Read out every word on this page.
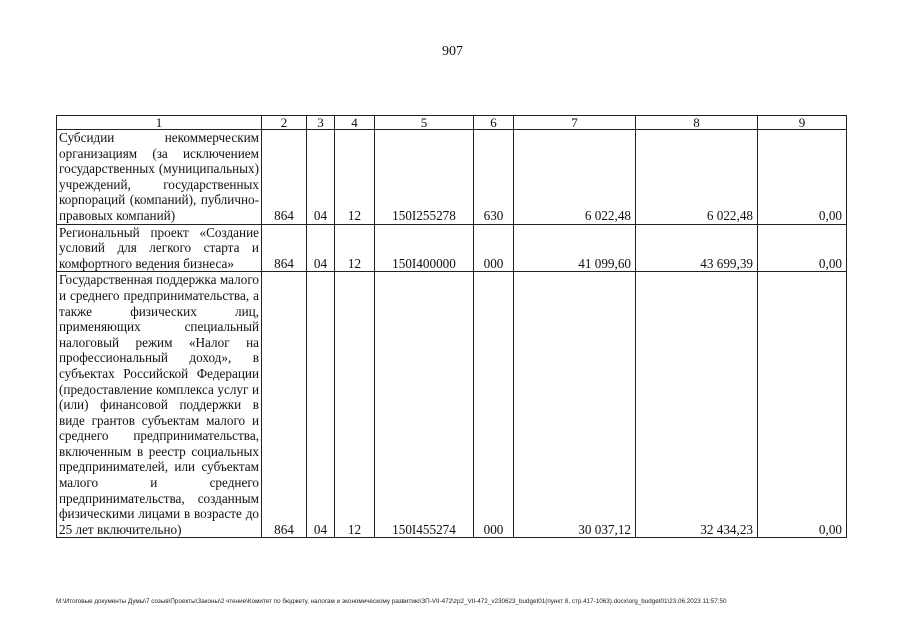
907
1	2	3	4	5	6	7	8	9
Субсидии некоммерческим организациям (за исключением государственных (муниципальных) учреждений, государственных корпораций (компаний), публично-правовых компаний)	864	04	12	150I255278	630	6 022,48	6 022,48	0,00
Региональный проект «Создание условий для легкого старта и комфортного ведения бизнеса»	864	04	12	150I400000	000	41 099,60	43 699,39	0,00
Государственная поддержка малого и среднего предпринимательства, а также физических лиц, применяющих специальный налоговый режим «Налог на профессиональный доход», в субъектах Российской Федерации (предоставление комплекса услуг и (или) финансовой поддержки в виде грантов субъектам малого и среднего предпринимательства, включенным в реестр социальных предпринимателей, или субъектам малого и среднего предпринимательства, созданным физическими лицами в возрасте до 25 лет включительно)	864	04	12	150I455274	000	30 037,12	32 434,23	0,00
M:\Итоговые документы Думы\7 созыв\Проекты\Законы\2 чтение\Комитет по бюджету, налогам и экономическому развитию\ЗП-VII-472\zp2_VII-472_v230623_budget01(пункт 8, стр.417-1063).docx\org_budget01\23.06.2023 11:57:50
